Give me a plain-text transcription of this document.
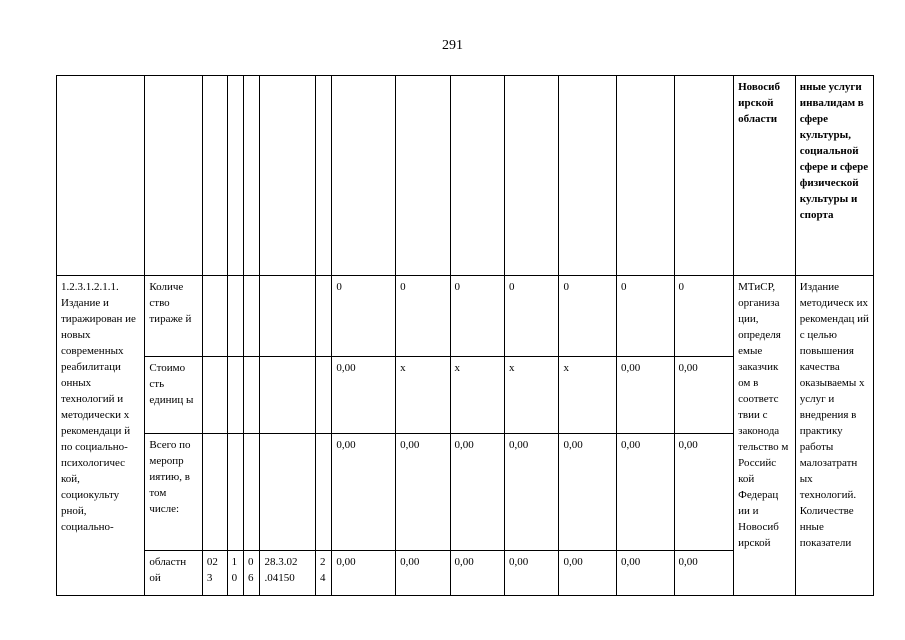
291
														Новосиб ирской области	нные услуги инвалидам в сфере культуры, социальной сфере и сфере физической культуры и спорта
1.2.3.1.2.1.1. Издание и тиражирован ие новых современных реабилитаци онных технологий и методически х рекомендаци й по социально-психологичес кой, социокульту рной, социально-	Количе ство тираже й						0	0	0	0	0	0	0	МТиСР, организа ции, определя емые заказчик ом в соответс твии с законода тельство м Российс кой Федерац ии и Новосиб ирской	Издание методическ их рекомендац ий с целью повышения качества оказываемы х услуг и внедрения в практику работы малозатратн ых технологий. Количестве нные показатели
	Стоимо сть единиц ы						0,00	х	х	х	х	0,00	0,00		
	Всего по меропр иятию, в том числе:						0,00	0,00	0,00	0,00	0,00	0,00	0,00		
	областн ой	02 3	1 0	0 6	28.3.02 .04150	2 4	0,00	0,00	0,00	0,00	0,00	0,00	0,00		
